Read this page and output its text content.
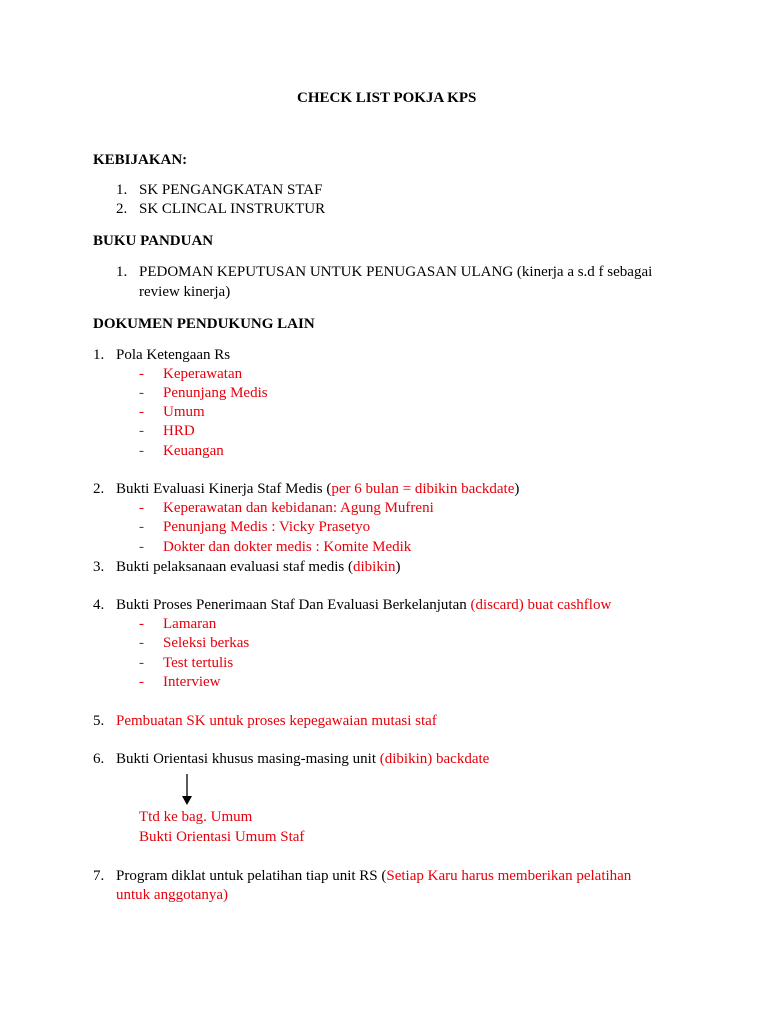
CHECK LIST POKJA KPS
KEBIJAKAN:
1. SK PENGANGKATAN STAF
2. SK CLINCAL INSTRUKTUR
BUKU PANDUAN
1. PEDOMAN KEPUTUSAN UNTUK PENUGASAN ULANG (kinerja a s.d f sebagai
review kinerja)
DOKUMEN PENDUKUNG LAIN
1. Pola Ketengaan Rs
- Keperawatan
- Penunjang Medis
- Umum
- HRD
- Keuangan
2. Bukti Evaluasi Kinerja Staf Medis (per 6 bulan = dibikin backdate)
- Keperawatan dan kebidanan: Agung Mufreni
- Penunjang Medis : Vicky Prasetyo
- Dokter dan dokter medis : Komite Medik
3. Bukti pelaksanaan evaluasi staf medis (dibikin)
4. Bukti Proses Penerimaan Staf Dan Evaluasi Berkelanjutan (discard) buat cashflow
- Lamaran
- Seleksi berkas
- Test tertulis
- Interview
5. Pembuatan SK untuk proses kepegawaian mutasi staf
6. Bukti Orientasi khusus masing-masing unit (dibikin) backdate
Ttd ke bag. Umum
Bukti Orientasi Umum Staf
7. Program diklat untuk pelatihan tiap unit RS (Setiap Karu harus memberikan pelatihan
untuk anggotanya)
